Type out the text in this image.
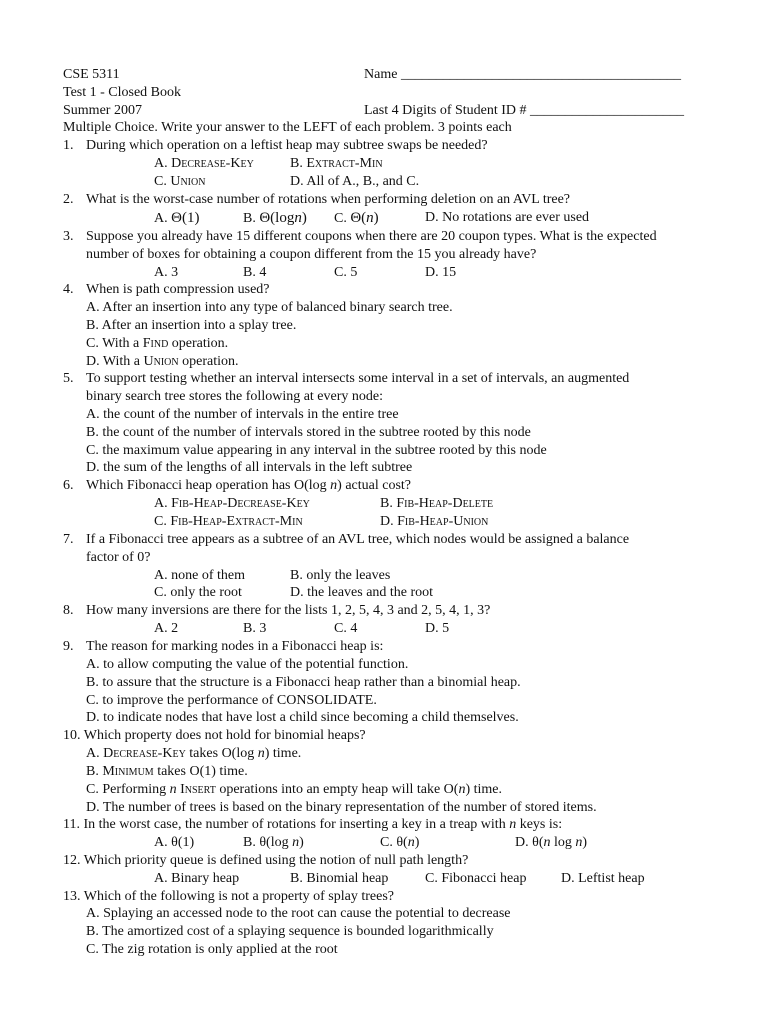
CSE 5311	Name ________________________________________
Test 1 - Closed Book
Summer 2007	Last 4 Digits of Student ID # ______________________
Multiple Choice. Write your answer to the LEFT of each problem. 3 points each
1. During which operation on a leftist heap may subtree swaps be needed?
A. Decrease-Key	B. Extract-Min
C. Union	D. All of A., B., and C.
2. What is the worst-case number of rotations when performing deletion on an AVL tree?
A. Θ(1)	B. Θ(logn) C. Θ(n)	D. No rotations are ever used
3. Suppose you already have 15 different coupons when there are 20 coupon types. What is the expected
number of boxes for obtaining a coupon different from the 15 you already have?
A. 3	B. 4	C. 5	D. 15
4. When is path compression used?
A. After an insertion into any type of balanced binary search tree.
B. After an insertion into a splay tree.
C. With a Find operation.
D. With a Union operation.
5. To support testing whether an interval intersects some interval in a set of intervals, an augmented
binary search tree stores the following at every node:
A. the count of the number of intervals in the entire tree
B. the count of the number of intervals stored in the subtree rooted by this node
C. the maximum value appearing in any interval in the subtree rooted by this node
D. the sum of the lengths of all intervals in the left subtree
6. Which Fibonacci heap operation has O(log n) actual cost?
A. Fib-Heap-Decrease-Key	B. Fib-Heap-Delete
C. Fib-Heap-Extract-Min	D. Fib-Heap-Union
7. If a Fibonacci tree appears as a subtree of an AVL tree, which nodes would be assigned a balance
factor of 0?
A. none of them	B. only the leaves
C. only the root	D. the leaves and the root
8. How many inversions are there for the lists 1, 2, 5, 4, 3 and 2, 5, 4, 1, 3?
A. 2	B. 3	C. 4	D. 5
9. The reason for marking nodes in a Fibonacci heap is:
A. to allow computing the value of the potential function.
B. to assure that the structure is a Fibonacci heap rather than a binomial heap.
C. to improve the performance of CONSOLIDATE.
D. to indicate nodes that have lost a child since becoming a child themselves.
10. Which property does not hold for binomial heaps?
A. Decrease-Key takes O(log n) time.
B. Minimum takes O(1) time.
C. Performing n Insert operations into an empty heap will take O(n) time.
D. The number of trees is based on the binary representation of the number of stored items.
11. In the worst case, the number of rotations for inserting a key in a treap with n keys is:
A. θ(1)	B. θ(log n)	C. θ(n)	D. θ(n log n)
12. Which priority queue is defined using the notion of null path length?
A. Binary heap	B. Binomial heap	C. Fibonacci heap D. Leftist heap
13. Which of the following is not a property of splay trees?
A. Splaying an accessed node to the root can cause the potential to decrease
B. The amortized cost of a splaying sequence is bounded logarithmically
C. The zig rotation is only applied at the root
